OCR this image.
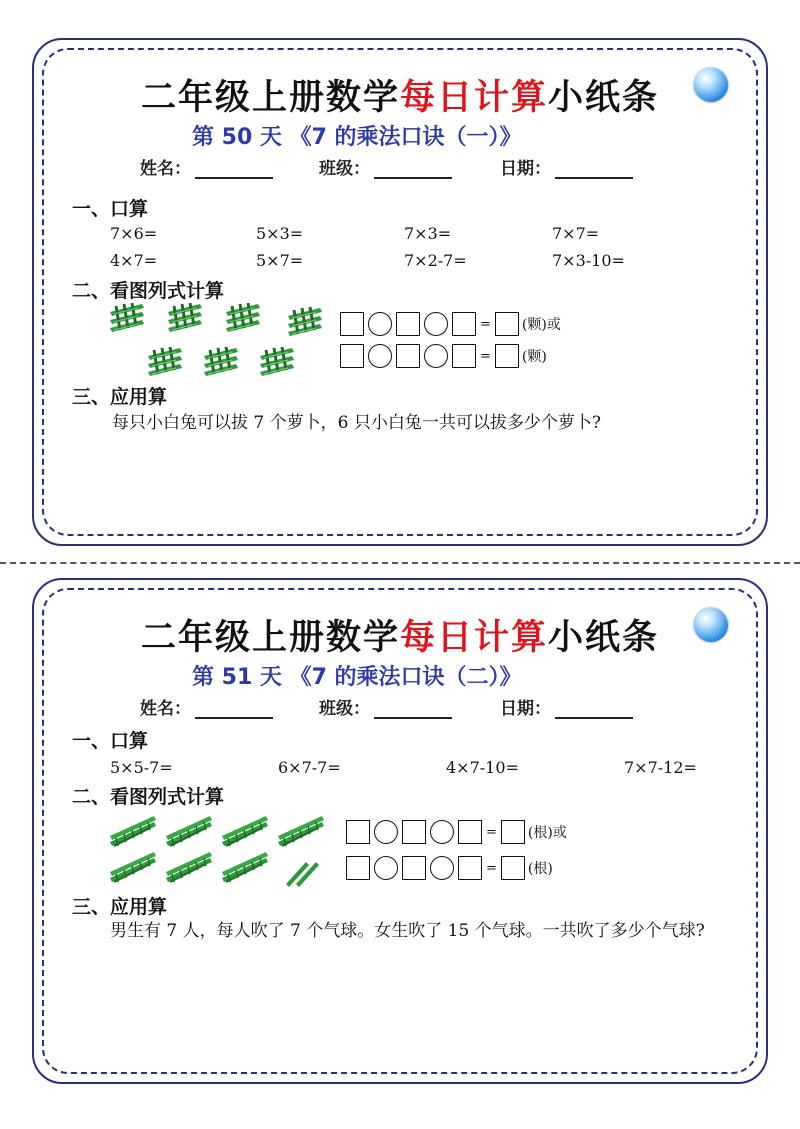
二年级上册数学每日计算小纸条
第 50 天 《7 的乘法口诀（一）》
姓名：	班级：	日期：
一、口算
7×6=	5×3=	7×3=	7×7=
4×7=	5×7=	7×2-7=	7×3-10=
二、看图列式计算
= (颗)或
= (颗)
三、应用算
每只小白兔可以拔 7 个萝卜，6 只小白兔一共可以拔多少个萝卜?
二年级上册数学每日计算小纸条
第 51 天 《7 的乘法口诀（二）》
姓名：	班级：	日期：
一、口算
5×5-7=	6×7-7=	4×7-10=	7×7-12=
二、看图列式计算
= (根)或
= (根)
三、应用算
男生有 7 人，每人吹了 7 个气球。女生吹了 15 个气球。一共吹了多少个气球?
